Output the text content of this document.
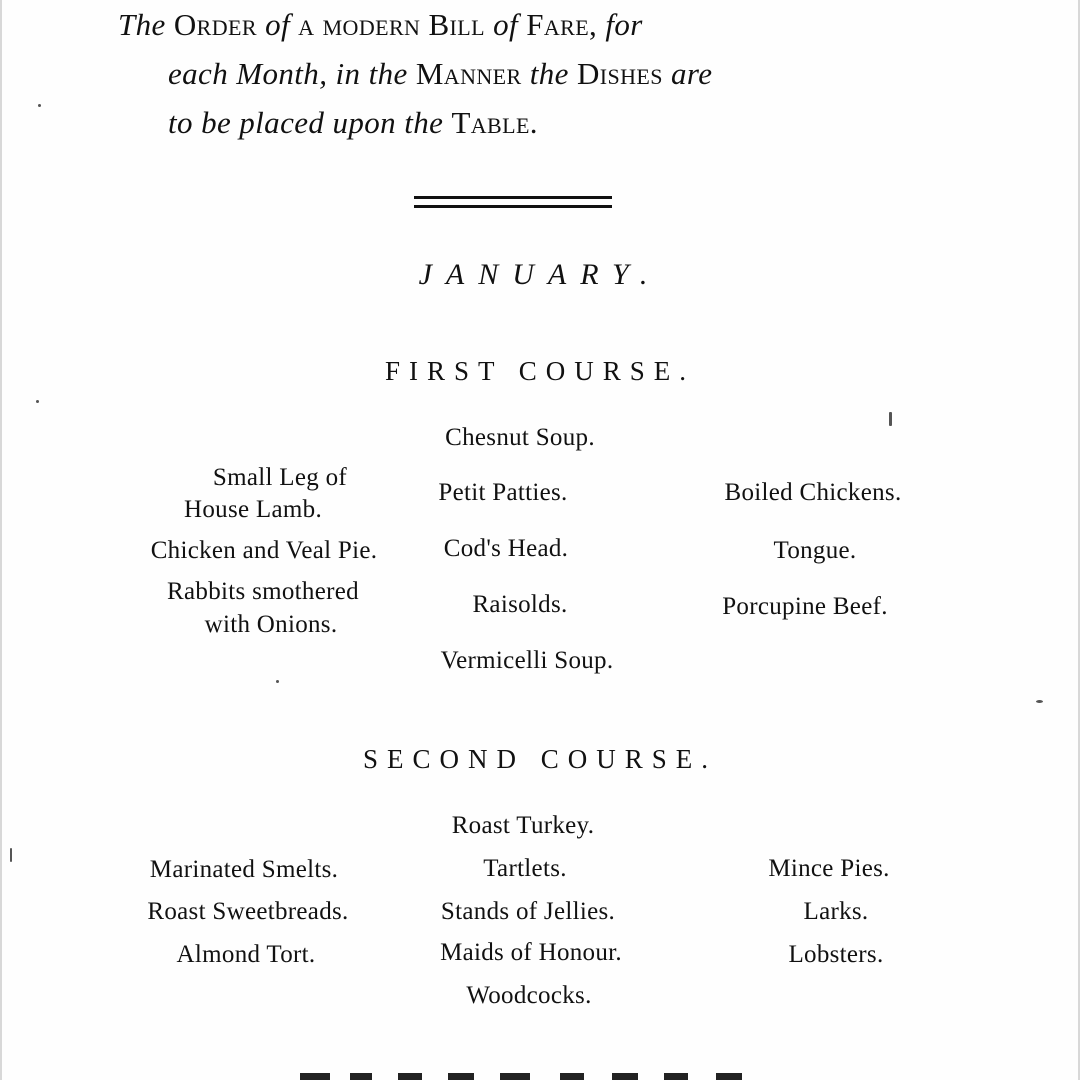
The Order of a modern Bill of Fare, for
each Month, in the Manner the Dishes are
to be placed upon the Table.
JANUARY.
FIRST COURSE.
Small Leg of
House Lamb.
Chicken and Veal Pie.
Rabbits smothered
with Onions.
Chesnut Soup.
Petit Patties.
Cod's Head.
Raisolds.
Vermicelli Soup.
Boiled Chickens.
Tongue.
Porcupine Beef.
SECOND COURSE.
Marinated Smelts.
Roast Sweetbreads.
Almond Tort.
Roast Turkey.
Tartlets.
Stands of Jellies.
Maids of Honour.
Woodcocks.
Mince Pies.
Larks.
Lobsters.
